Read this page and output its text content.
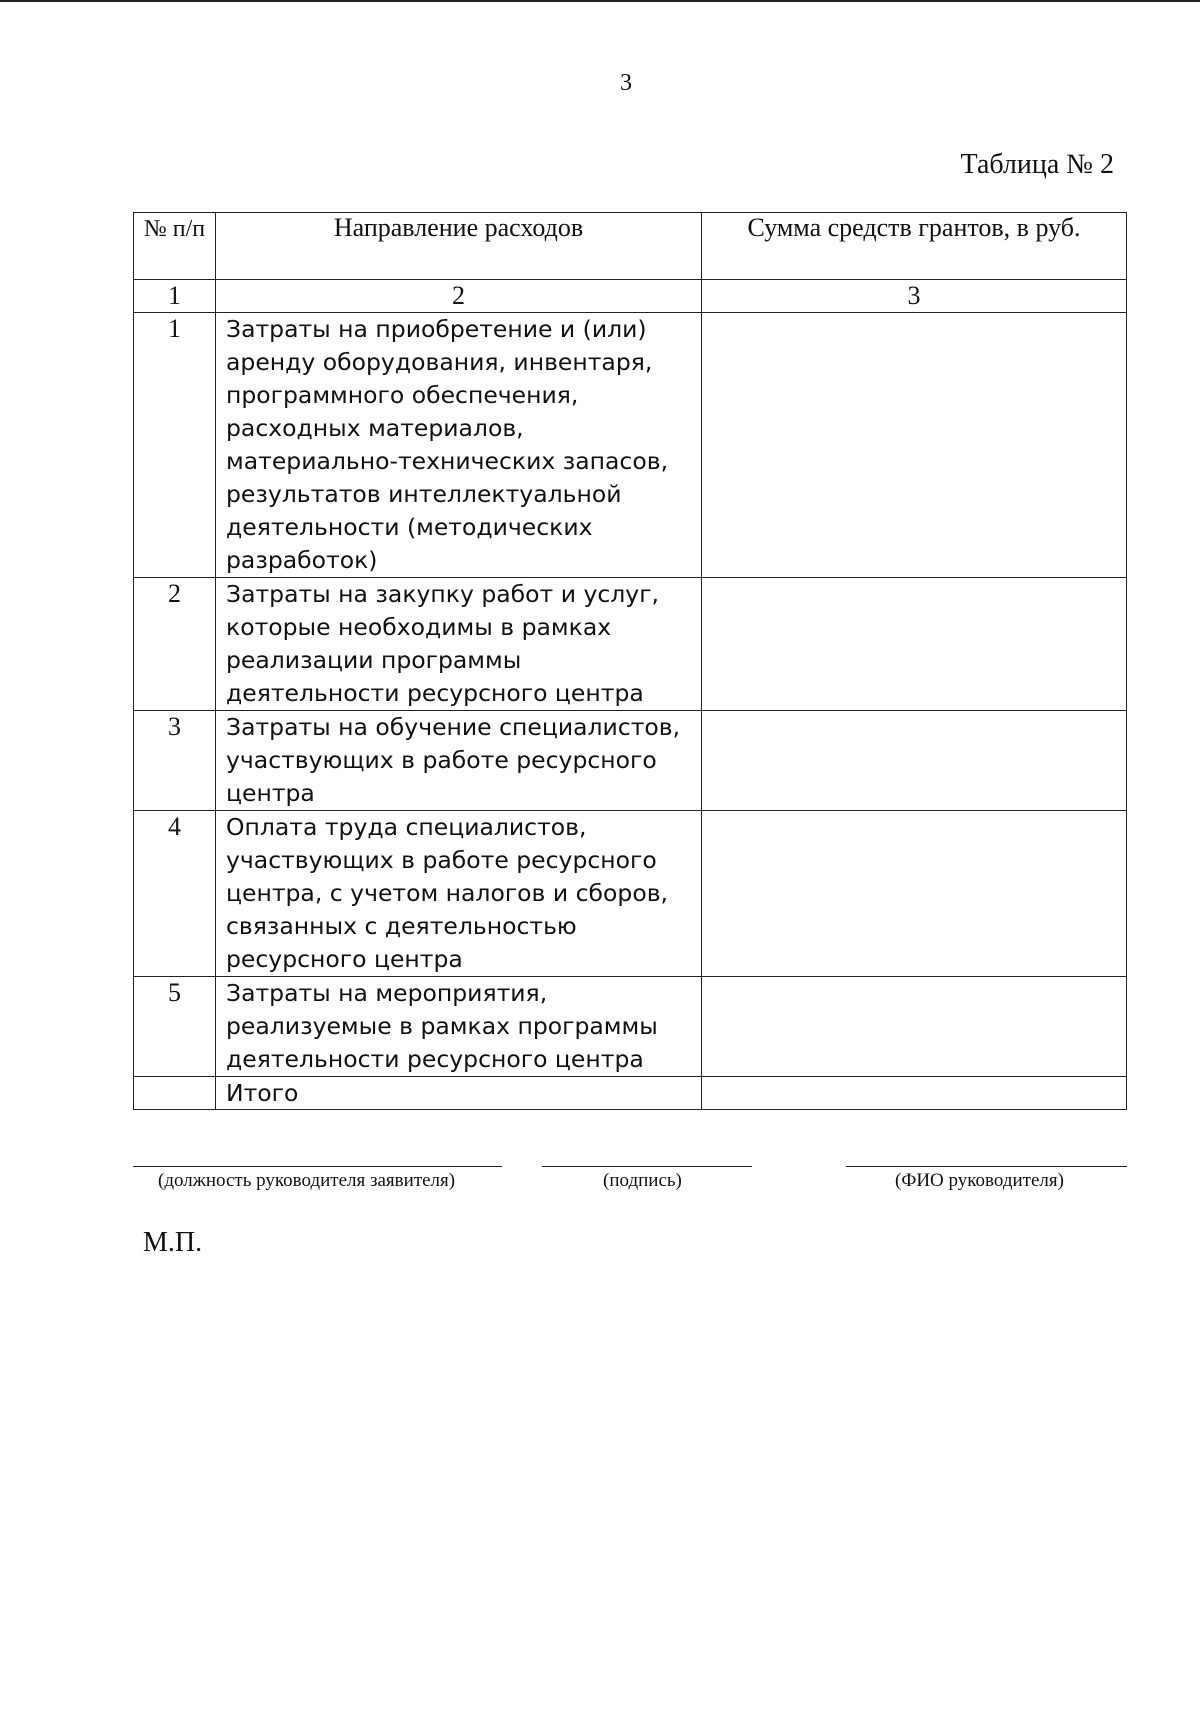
3
Таблица № 2
№ п/п	Направление расходов	Сумма средств грантов, в руб.
1	2	3
1	Затраты на приобретение и (или) аренду оборудования, инвентаря, программного обеспечения, расходных материалов, материально-технических запасов, результатов интеллектуальной деятельности (методических разработок)	
2	Затраты на закупку работ и услуг, которые необходимы в рамках реализации программы деятельности ресурсного центра	
3	Затраты на обучение специалистов, участвующих в работе ресурсного центра	
4	Оплата труда специалистов, участвующих в работе ресурсного центра, с учетом налогов и сборов, связанных с деятельностью ресурсного центра	
5	Затраты на мероприятия, реализуемые в рамках программы деятельности ресурсного центра	
	Итого	
(должность руководителя заявителя)	(подпись)	(ФИО руководителя)
М.П.
